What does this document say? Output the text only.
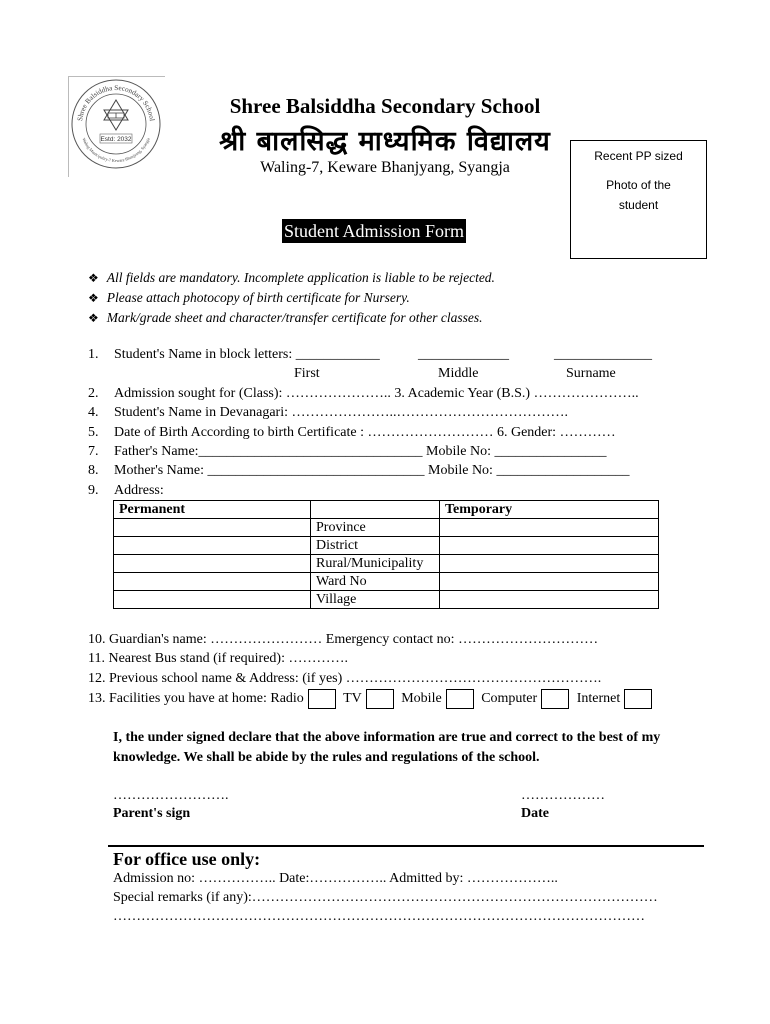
Shree Balsiddha Secondary School
Waling Municipality-7 Keware Bhanjyang, Syangja
Estd: 2032
Shree Balsiddha Secondary School
श्री बालसिद्ध माध्यमिक विद्यालय
Waling-7, Keware Bhanjyang, Syangja
Recent PP sized
Photo of the
student
Student Admission Form
❖ All fields are mandatory. Incomplete application is liable to be rejected.
❖ Please attach photocopy of birth certificate for Nursery.
❖ Mark/grade sheet and character/transfer certificate for other classes.
1. Student's Name in block letters: ____________	_____________	______________
First	Middle	Surname
2. Admission sought for (Class): ………………….. 3. Academic Year (B.S.) …………………..
4. Student's Name in Devanagari: …………………..……………………………….
5. Date of Birth According to birth Certificate : ……………………… 6. Gender: …………
7. Father's Name:________________________________ Mobile No: ________________
8. Mother's Name: _______________________________ Mobile No: ___________________
9. Address:
Permanent		Temporary
	Province	
	District	
	Rural/Municipality	
	Ward No	
	Village	
10. Guardian's name: …………………… Emergency contact no: …………………………
11. Nearest Bus stand (if required): ………….
12. Previous school name & Address: (if yes) ……………………………………………….
13. Facilities you have at home: Radio	TV	Mobile	Computer	Internet
I, the under signed declare that the above information are true and correct to the best of my knowledge. We shall be abide by the rules and regulations of the school.
…………………….
Parent's sign
………………
Date
For office use only:
Admission no: …………….. Date:…………….. Admitted by: ………………..
Special remarks (if any):……………………………………………………………………………
……………………………………………………………………………………………………
